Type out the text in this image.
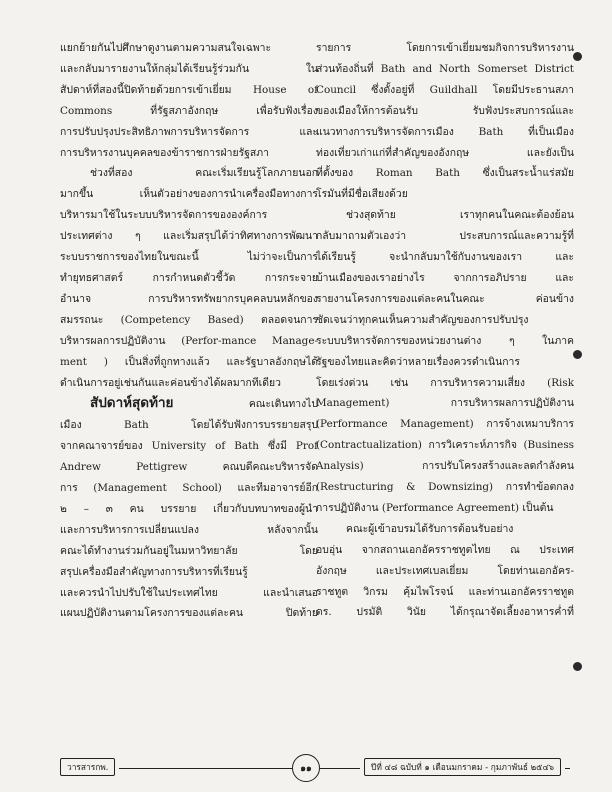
แยกย้ายกันไปศึกษาดูงานตามความสนใจเฉพาะ
และกลับมารายงานให้กลุ่มได้เรียนรู้ร่วมกัน ใน
สัปดาห์ที่สองนี้ปิดท้ายด้วยการเข้าเยี่ยม House of
Commons ที่รัฐสภาอังกฤษ เพื่อรับฟังเรื่อง
การปรับปรุงประสิทธิภาพการบริหารจัดการ และ
การบริหารงานบุคคลของข้าราชการฝ่ายรัฐสภา
ช่วงที่สอง คณะเริ่มเรียนรู้โลกภายนอก
มากขึ้น เห็นตัวอย่างของการนำเครื่องมือทางการ
บริหารมาใช้ในระบบบริหารจัดการขององค์การ
ประเทศต่าง ๆ และเริ่มสรุปได้ว่าทิศทางการพัฒนา
ระบบราชการของไทยในขณะนี้ ไม่ว่าจะเป็นการ
ทำยุทธศาสตร์ การกำหนดตัวชี้วัด การกระจาย
อำนาจ การบริหารทรัพยากรบุคคลบนหลักของ
สมรรถนะ (Competency Based) ตลอดจนการ
บริหารผลการปฏิบัติงาน (Perfor-mance Manage-
ment ) เป็นสิ่งที่ถูกทางแล้ว และรัฐบาลอังกฤษได้
ดำเนินการอยู่เช่นกันและค่อนข้างได้ผลมากทีเดียว
สัปดาห์สุดท้าย	คณะเดินทางไป
เมือง Bath โดยได้รับฟังการบรรยายสรุป
จากคณาจารย์ของ University of Bath ซึ่งมี Prof
Andrew Pettigrew คณบดีคณะบริหารจัด
การ (Management School) และทีมอาจารย์อีก
๒ – ๓ คน บรรยาย เกี่ยวกับบทบาทของผู้นำ
และการบริหารการเปลี่ยนแปลง หลังจากนั้น
คณะได้ทำงานร่วมกันอยู่ในมหาวิทยาลัย โดย
สรุปเครื่องมือสำคัญทางการบริหารที่เรียนรู้
และควรนำไปปรับใช้ในประเทศไทย และนำเสนอ
แผนปฏิบัติงานตามโครงการของแต่ละคน ปิดท้าย
รายการ โดยการเข้าเยี่ยมชมกิจการบริหารงาน
ส่วนท้องถิ่นที่ Bath and North Somerset District
Council ซึ่งตั้งอยู่ที่ Guildhall โดยมีประธานสภา
ของเมืองให้การต้อนรับ รับฟังประสบการณ์และ
แนวทางการบริหารจัดการเมือง Bath ที่เป็นเมือง
ท่องเที่ยวเก่าแก่ที่สำคัญของอังกฤษ และยังเป็น
ที่ตั้งของ Roman Bath ซึ่งเป็นสระน้ำแร่สมัย
โรมันที่มีชื่อเสียงด้วย
ช่วงสุดท้าย เราทุกคนในคณะต้องย้อน
กลับมาถามตัวเองว่า ประสบการณ์และความรู้ที่
ได้เรียนรู้ จะนำกลับมาใช้กับงานของเรา และ
บ้านเมืองของเราอย่างไร จากการอภิปราย และ
รายงานโครงการของแต่ละคนในคณะ ค่อนข้าง
ชัดเจนว่าทุกคนเห็นความสำคัญของการปรับปรุง
ระบบบริหารจัดการของหน่วยงานต่าง ๆ ในภาค
รัฐของไทยและคิดว่าหลายเรื่องควรดำเนินการ
โดยเร่งด่วน เช่น การบริหารความเสี่ยง (Risk
Management) การบริหารผลการปฏิบัติงาน
(Performance Management) การจ้างเหมาบริการ
(Contractualization) การวิเคราะห์ภารกิจ (Business
Analysis) การปรับโครงสร้างและลดกำลังคน
(Restructuring & Downsizing) การทำข้อตกลง
การปฏิบัติงาน (Performance Agreement) เป็นต้น
คณะผู้เข้าอบรมได้รับการต้อนรับอย่าง
อบอุ่น จากสถานเอกอัครราชทูตไทย ณ ประเทศ
อังกฤษ และประเทศเบลเยี่ยม โดยท่านเอกอัคร-
ราชทูต วิกรม คุ้มไพโรจน์ และท่านเอกอัครราชทูต
ดร. ปรมัติ วินัย ได้กรุณาจัดเลี้ยงอาหารค่ำที่
วารสารกพ.	๑๑	ปีที่ ๔๘ ฉบับที่ ๑ เดือนมกราคม - กุมภาพันธ์ ๒๕๔๖
